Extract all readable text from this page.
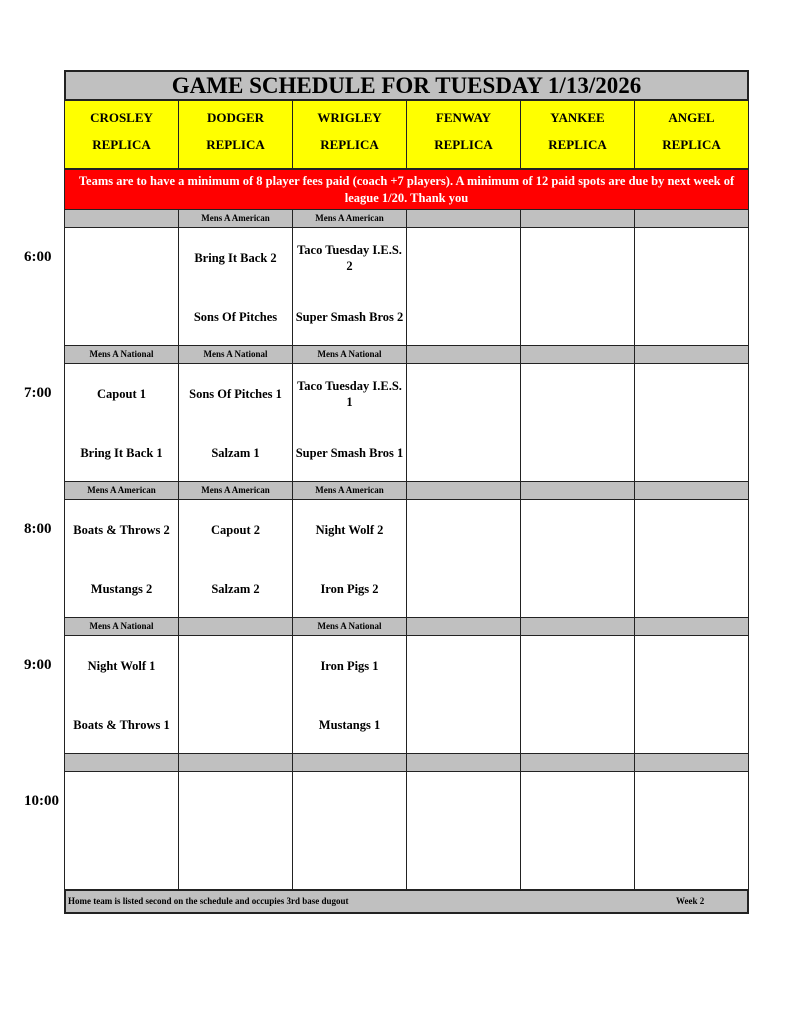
GAME SCHEDULE FOR TUESDAY 1/13/2026
CROSLEY
REPLICA
DODGER
REPLICA
WRIGLEY
REPLICA
FENWAY
REPLICA
YANKEE
REPLICA
ANGEL
REPLICA
Teams are to have a minimum of 8 player fees paid (coach +7 players). A minimum of 12 paid spots are due by next week of league 1/20. Thank you
6:00
Mens A American
Bring It Back 2
Sons Of Pitches
Mens A American
Taco Tuesday I.E.S. 2
Super Smash Bros 2
7:00
Mens A National
Capout 1
Bring It Back 1
Mens A National
Sons Of Pitches 1
Salzam 1
Mens A National
Taco Tuesday I.E.S. 1
Super Smash Bros 1
8:00
Mens A American
Boats & Throws 2
Mustangs 2
Mens A American
Capout 2
Salzam 2
Mens A American
Night Wolf 2
Iron Pigs 2
9:00
Mens A National
Night Wolf 1
Boats & Throws 1
Mens A National
Iron Pigs 1
Mustangs 1
10:00
Home team is listed second on the schedule and occupies 3rd base dugout	Week 2
